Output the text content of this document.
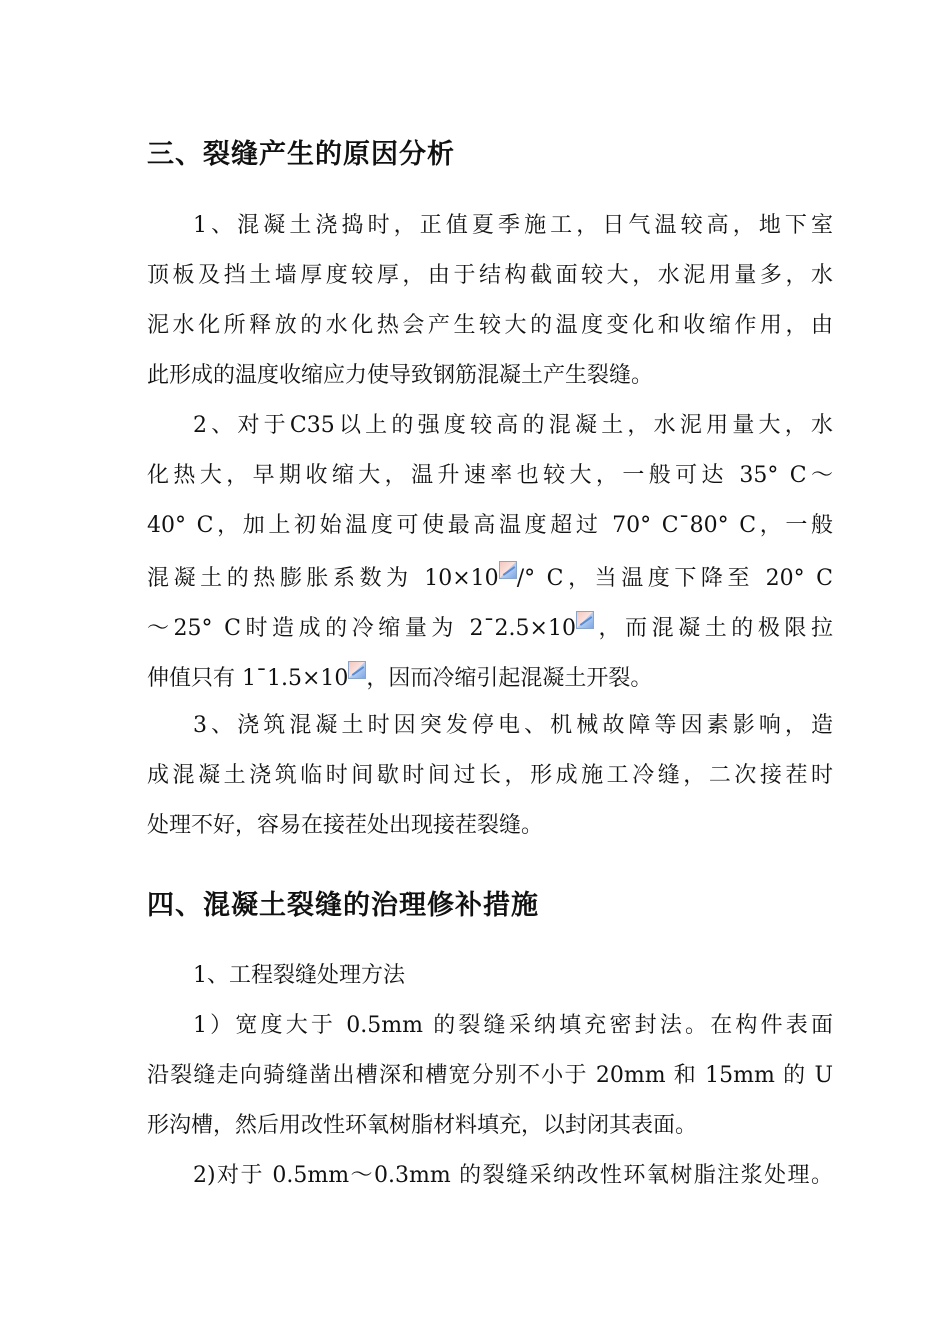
三、裂缝产生的原因分析

1、混凝土浇捣时，正值夏季施工，日气温较高，地下室

顶板及挡土墙厚度较厚，由于结构截面较大，水泥用量多，水

泥水化所释放的水化热会产生较大的温度变化和收缩作用，由

此形成的温度收缩应力使导致钢筋混凝土产生裂缝。

2、对于C35以上的强度较高的混凝土，水泥用量大，水

化热大，早期收缩大，温升速率也较大，一般可达 35° C～

40° C，加上初始温度可使最高温度超过 70° C¯80° C，一般

混凝土的热膨胀系数为 10×10 /° C，当温度下降至 20° C

～25° C时造成的冷缩量为 2¯2.5×10 ，而混凝土的极限拉

伸值只有 1¯1.5×10 ，因而冷缩引起混凝土开裂。

3、浇筑混凝土时因突发停电、机械故障等因素影响，造

成混凝土浇筑临时间歇时间过长，形成施工冷缝，二次接茬时

处理不好，容易在接茬处出现接茬裂缝。

四、混凝土裂缝的治理修补措施

1、工程裂缝处理方法

1）宽度大于 0.5mm 的裂缝采纳填充密封法。在构件表面

沿裂缝走向骑缝凿出槽深和槽宽分别不小于 20mm 和 15mm 的 U

形沟槽，然后用改性环氧树脂材料填充，以封闭其表面。

2)对于 0.5mm～0.3mm 的裂缝采纳改性环氧树脂注浆处理。
